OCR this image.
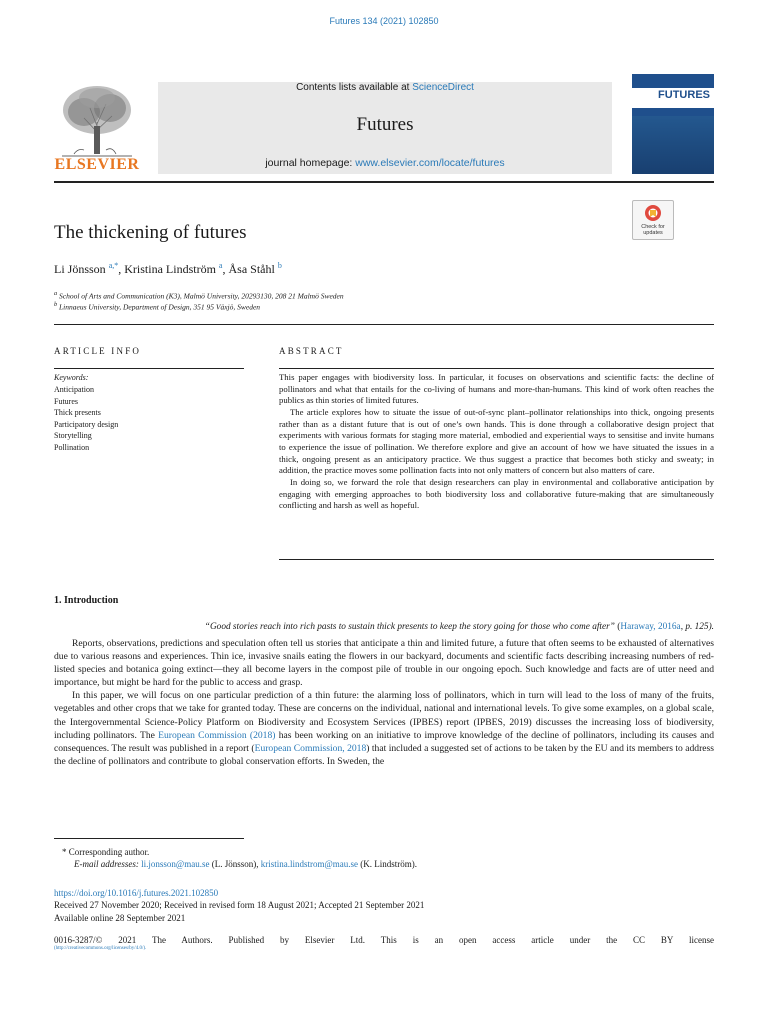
Futures 134 (2021) 102850
ELSEVIER
Contents lists available at ScienceDirect
Futures
journal homepage: www.elsevier.com/locate/futures
FUTURES
Check for updates
The thickening of futures
Li Jönsson $^{a,*}$, Kristina Lindström $^a$, Åsa Ståhl $^b$
$^a$ School of Arts and Communication (K3), Malmö University, 20293130, 208 21 Malmö Sweden
$^b$ Linnaeus University, Department of Design, 351 95 Växjö, Sweden
ARTICLE INFO	ABSTRACT
Keywords:
Anticipation
Futures
Thick presents
Participatory design
Storytelling
Pollination

This paper engages with biodiversity loss. In particular, it focuses on observations and scientific facts: the decline of pollinators and what that entails for the co-living of humans and more-than-humans. This kind of work often reaches the publics as thin stories of limited futures.

The article explores how to situate the issue of out-of-sync plant–pollinator relationships into thick, ongoing presents rather than as a distant future that is out of one’s own hands. This is done through a collaborative design project that experiments with various formats for staging more material, embodied and experiential ways to sensitise and invite humans to experience the issue of pollination. We therefore explore and give an account of how we have situated the issues in a thick, ongoing present as an anticipatory practice. We thus suggest a practice that becomes both sticky and sweaty; in addition, the practice moves some pollination facts into not only matters of concern but also matters of care.

In doing so, we forward the role that design researchers can play in environmental and collaborative anticipation by engaging with emerging approaches to both biodiversity loss and collaborative future-making that are simultaneously conflicting and harsh as well as hopeful.

1. Introduction
“Good stories reach into rich pasts to sustain thick presents to keep the story going for those who come after” (Haraway, 2016a, p. 125).

Reports, observations, predictions and speculation often tell us stories that anticipate a thin and limited future, a future that often seems to be exhausted of alternatives due to various reasons and experiences. Thin ice, invasive snails eating the flowers in our backyard, documents and scientific facts describing increasing numbers of red-listed species and botanica going extinct—they all become layers in the compost pile of trouble in our ongoing epoch. Such knowledge and facts are of utter need and importance, but might be hard for the public to access and grasp.

In this paper, we will focus on one particular prediction of a thin future: the alarming loss of pollinators, which in turn will lead to the loss of many of the fruits, vegetables and other crops that we take for granted today. These are concerns on the individual, national and international levels. To give some examples, on a global scale, the Intergovernmental Science-Policy Platform on Biodiversity and Ecosystem Services (IPBES) report (IPBES, 2019) discusses the increasing loss of biodiversity, including pollinators. The European Commission (2018) has been working on an initiative to improve knowledge of the decline of pollinators, including its causes and consequences. The result was published in a report (European Commission, 2018) that included a suggested set of actions to be taken by the EU and its members to address the decline of pollinators and contribute to global conservation efforts. In Sweden, the

* Corresponding author.
E-mail addresses: li.jonsson@mau.se (L. Jönsson), kristina.lindstrom@mau.se (K. Lindström).
https://doi.org/10.1016/j.futures.2021.102850
Received 27 November 2020; Received in revised form 18 August 2021; Accepted 21 September 2021
Available online 28 September 2021
0016-3287/© 2021 The Authors. Published by Elsevier Ltd. This is an open access article under the CC BY license
(http://creativecommons.org/licenses/by/4.0/).
